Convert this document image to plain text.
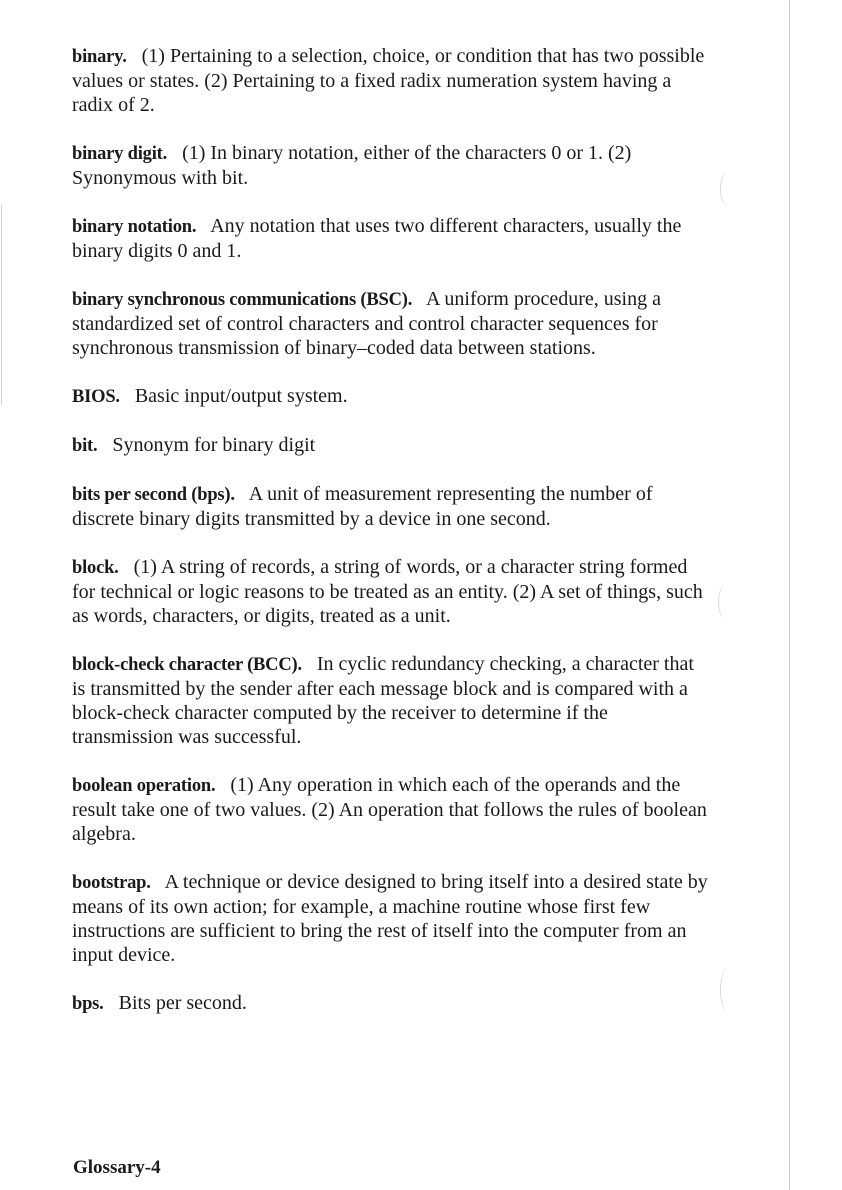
binary. (1) Pertaining to a selection, choice, or condition that has two possible values or states. (2) Pertaining to a fixed radix numeration system having a radix of 2.
binary digit. (1) In binary notation, either of the characters 0 or 1. (2) Synonymous with bit.
binary notation. Any notation that uses two different characters, usually the binary digits 0 and 1.
binary synchronous communications (BSC). A uniform procedure, using a standardized set of control characters and control character sequences for synchronous transmission of binary–coded data between stations.
BIOS. Basic input/output system.
bit. Synonym for binary digit
bits per second (bps). A unit of measurement representing the number of discrete binary digits transmitted by a device in one second.
block. (1) A string of records, a string of words, or a character string formed for technical or logic reasons to be treated as an entity. (2) A set of things, such as words, characters, or digits, treated as a unit.
block-check character (BCC). In cyclic redundancy checking, a character that is transmitted by the sender after each message block and is compared with a block-check character computed by the receiver to determine if the transmission was successful.
boolean operation. (1) Any operation in which each of the operands and the result take one of two values. (2) An operation that follows the rules of boolean algebra.
bootstrap. A technique or device designed to bring itself into a desired state by means of its own action; for example, a machine routine whose first few instructions are sufficient to bring the rest of itself into the computer from an input device.
bps. Bits per second.
Glossary-4
